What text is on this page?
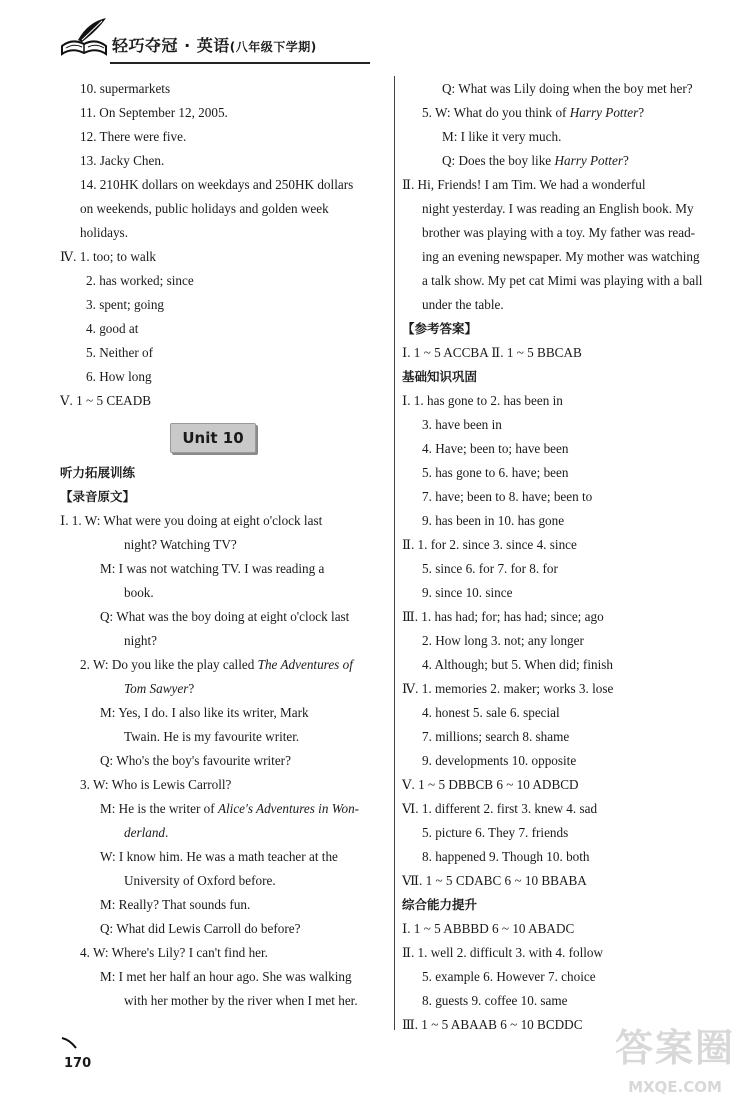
轻巧夺冠 · 英语(八年级下学期)
10. supermarkets
11. On September 12, 2005.
12. There were five.
13. Jacky Chen.
14. 210HK dollars on weekdays and 250HK dollars
on weekends, public holidays and golden week
holidays.
Ⅳ. 1. too; to walk
2. has worked; since
3. spent; going
4. good at
5. Neither of
6. How long
Ⅴ. 1 ~ 5 CEADB
Unit 10
听力拓展训练
【录音原文】
Ⅰ. 1. W: What were you doing at eight o'clock last
night? Watching TV?
M: I was not watching TV. I was reading a
book.
Q: What was the boy doing at eight o'clock last
night?
2. W: Do you like the play called The Adventures of
Tom Sawyer?
M: Yes, I do. I also like its writer, Mark
Twain. He is my favourite writer.
Q: Who's the boy's favourite writer?
3. W: Who is Lewis Carroll?
M: He is the writer of Alice's Adventures in Won-
derland.
W: I know him. He was a math teacher at the
University of Oxford before.
M: Really? That sounds fun.
Q: What did Lewis Carroll do before?
4. W: Where's Lily? I can't find her.
M: I met her half an hour ago. She was walking
with her mother by the river when I met her.
Q: What was Lily doing when the boy met her?
5. W: What do you think of Harry Potter?
M: I like it very much.
Q: Does the boy like Harry Potter?
Ⅱ. Hi, Friends! I am Tim. We had a wonderful
night yesterday. I was reading an English book. My
brother was playing with a toy. My father was read-
ing an evening newspaper. My mother was watching
a talk show. My pet cat Mimi was playing with a ball
under the table.
【参考答案】
Ⅰ. 1 ~ 5 ACCBA Ⅱ. 1 ~ 5 BBCAB
基础知识巩固
Ⅰ. 1. has gone to 2. has been in
3. have been in
4. Have; been to; have been
5. has gone to 6. have; been
7. have; been to 8. have; been to
9. has been in 10. has gone
Ⅱ. 1. for 2. since 3. since 4. since
5. since 6. for 7. for 8. for
9. since 10. since
Ⅲ. 1. has had; for; has had; since; ago
2. How long 3. not; any longer
4. Although; but 5. When did; finish
Ⅳ. 1. memories 2. maker; works 3. lose
4. honest 5. sale 6. special
7. millions; search 8. shame
9. developments 10. opposite
Ⅴ. 1 ~ 5 DBBCB 6 ~ 10 ADBCD
Ⅵ. 1. different 2. first 3. knew 4. sad
5. picture 6. They 7. friends
8. happened 9. Though 10. both
Ⅶ. 1 ~ 5 CDABC 6 ~ 10 BBABA
综合能力提升
Ⅰ. 1 ~ 5 ABBBD 6 ~ 10 ABADC
Ⅱ. 1. well 2. difficult 3. with 4. follow
5. example 6. However 7. choice
8. guests 9. coffee 10. same
Ⅲ. 1 ~ 5 ABAAB 6 ~ 10 BCDDC
170	答案圈
MXQE.COM
